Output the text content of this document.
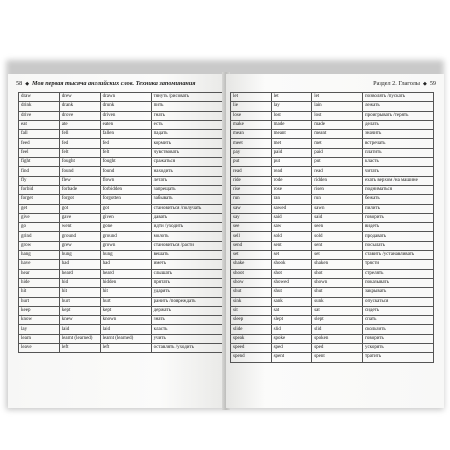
58 ◆ Моя первая тысяча английских слов. Техника запоминания
draw	drew	drawn	тянуть /рисовать
drink	drank	drunk	пить
drive	drove	driven	гнать
eat	ate	eaten	есть
fall	fell	fallen	падать
feed	fed	fed	кормить
feel	felt	felt	чувствовать
fight	fought	fought	сражаться
find	found	found	находить
fly	flew	flown	летать
forbid	forbade	forbidden	запрещать
forget	forgot	forgotten	забывать
get	got	got	становиться /получать
give	gave	given	давать
go	went	gone	идти /уходить
grind	ground	ground	молоть
grow	grew	grown	становиться /расти
hang	hung	hung	вешать
have	had	had	иметь
hear	heard	heard	слышать
hide	hid	hidden	прятать
hit	hit	hit	ударять
hurt	hurt	hurt	ранить /повреждать
keep	kept	kept	держать
know	knew	known	знать
lay	laid	laid	класть
learn	learnt (learned)	learnt (learned)	учить
leave	left	left	оставлять /уходить
Раздел 2. Глаголы ◆ 59
let	let	let	позволять /пускать
lie	lay	lain	лежать
lose	lost	lost	проигрывать /терять
make	made	made	делать
mean	meant	meant	значить
meet	met	met	встречать
pay	paid	paid	платить
put	put	put	класть
read	read	read	читать
ride	rode	ridden	ехать верхом /на машине
rise	rose	risen	подниматься
run	ran	run	бежать
saw	sawed	sawn	пилить
say	said	said	говорить
see	saw	seen	видеть
sell	sold	sold	продавать
send	sent	sent	посылать
set	set	set	ставить /устанавливать
shake	shook	shaken	трясти
shoot	shot	shot	стрелять
show	showed	shown	показывать
shut	shut	shut	закрывать
sink	sank	sunk	опускаться
sit	sat	sat	сидеть
sleep	slept	slept	спать
slide	slid	slid	скользить
speak	spoke	spoken	говорить
speed	sped	sped	ускорять
spend	spent	spent	тратить
